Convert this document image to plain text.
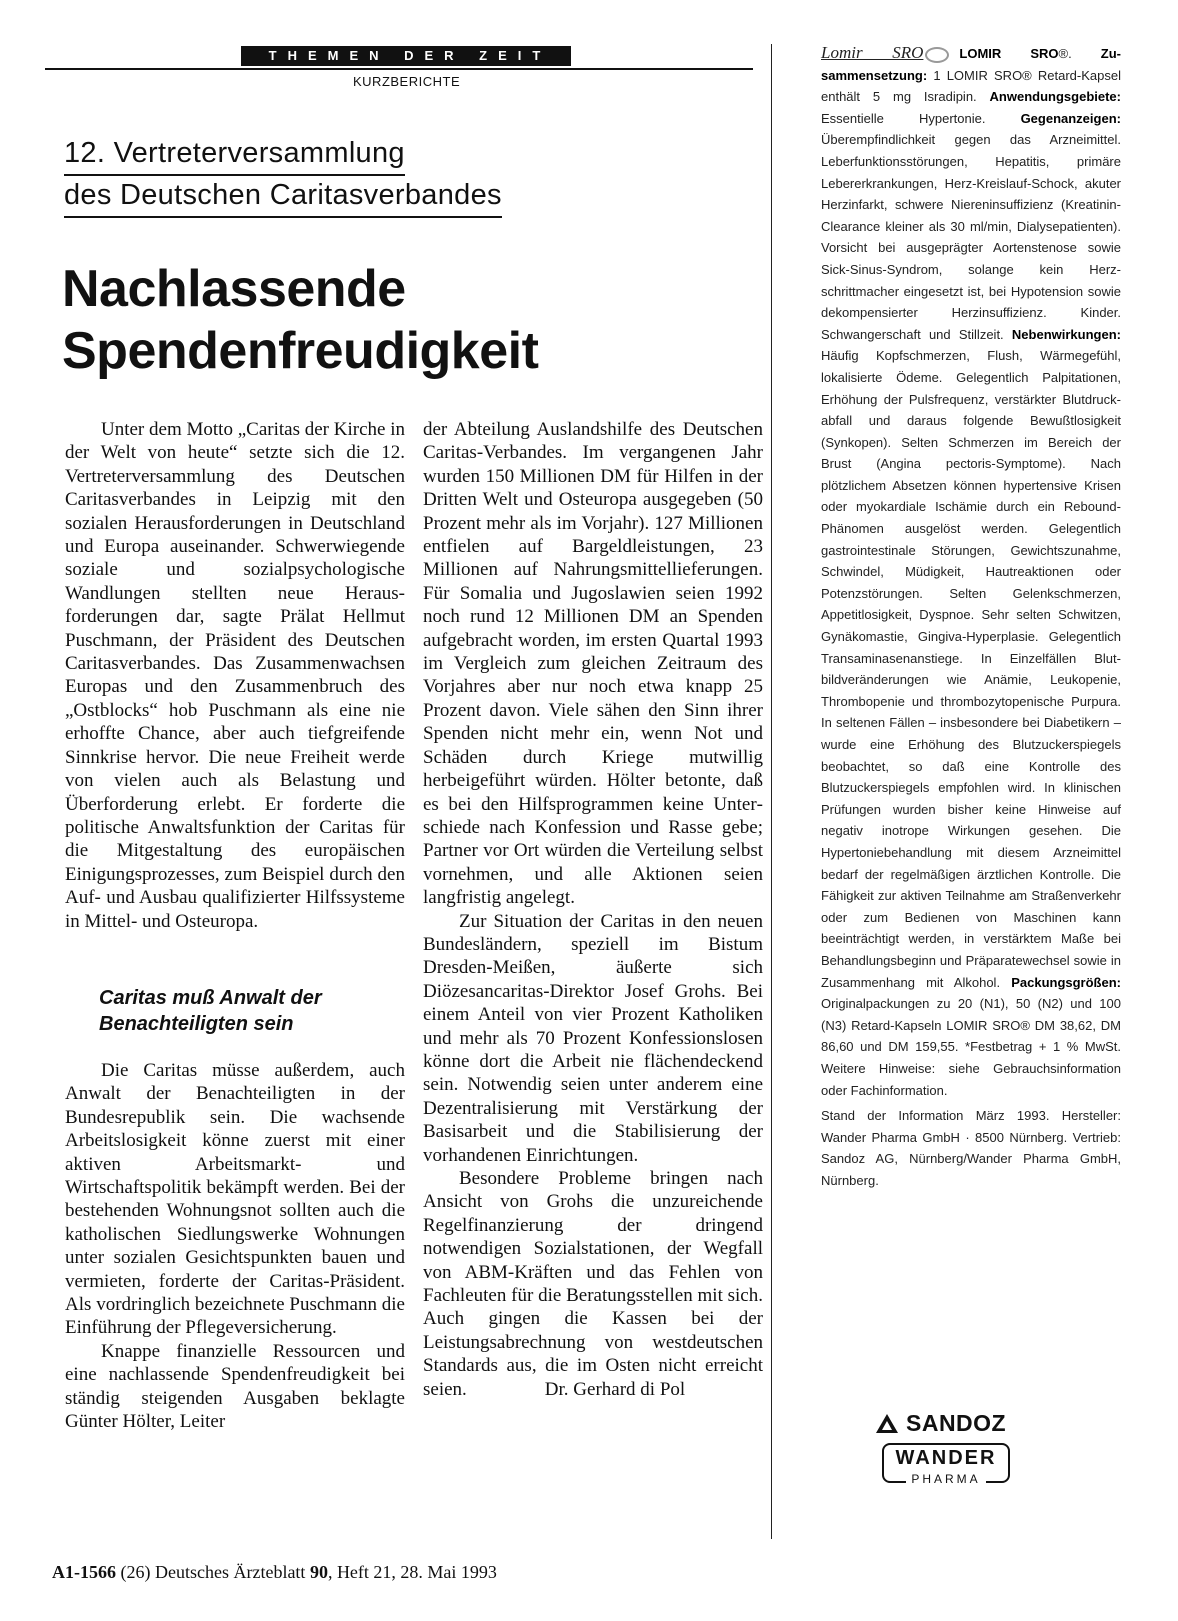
THEMEN DER ZEIT
KURZBERICHTE
12. Vertreterversammlung
des Deutschen Caritasverbandes
Nachlassende
Spendenfreudigkeit

Unter dem Motto „Caritas der Kirche in der Welt von heute“ setzte sich die 12. Vertreterversammlung des Deutschen Caritasverbandes in Leipzig mit den sozialen Herausforderungen in Deutschland und Europa auseinander. Schwerwiegende soziale und sozialpsychologische Wandlungen stellten neue Herausforderungen dar, sagte Prälat Hellmut Puschmann, der Präsident des Deutschen Caritasverbandes. Das Zusammenwachsen Europas und den Zusammenbruch des „Ostblocks“ hob Puschmann als eine nie erhoffte Chance, aber auch tiefgreifende Sinnkrise hervor. Die neue Freiheit werde von vielen auch als Belastung und Überforderung erlebt. Er forderte die politische Anwaltsfunktion der Caritas für die Mitgestaltung des europäischen Einigungsprozesses, zum Beispiel durch den Auf- und Ausbau qualifizierter Hilfssysteme in Mittel- und Osteuropa.

Caritas muß Anwalt der Benachteiligten sein

Die Caritas müsse außerdem, auch Anwalt der Benachteiligten in der Bundesrepublik sein. Die wachsende Arbeitslosigkeit könne zuerst mit einer aktiven Arbeitsmarkt- und Wirtschaftspolitik bekämpft werden. Bei der bestehenden Wohnungsnot sollten auch die katholischen Siedlungswerke Wohnungen unter sozialen Gesichtspunkten bauen und vermieten, forderte der Caritas-Präsident. Als vordringlich bezeichnete Puschmann die Einführung der Pflegeversicherung.

Knappe finanzielle Ressourcen und eine nachlassende Spendenfreudigkeit bei ständig steigenden Ausgaben beklagte Günter Hölter, Leiter

der Abteilung Auslandshilfe des Deutschen Caritas-Verbandes. Im vergangenen Jahr wurden 150 Millionen DM für Hilfen in der Dritten Welt und Osteuropa ausgegeben (50 Prozent mehr als im Vorjahr). 127 Millionen entfielen auf Bargeldleistungen, 23 Millionen auf Nahrungsmittellieferungen. Für Somalia und Jugoslawien seien 1992 noch rund 12 Millionen DM an Spenden aufgebracht worden, im ersten Quartal 1993 im Vergleich zum gleichen Zeitraum des Vorjahres aber nur noch etwa knapp 25 Prozent davon. Viele sähen den Sinn ihrer Spenden nicht mehr ein, wenn Not und Schäden durch Kriege mutwillig herbeigeführt würden. Hölter betonte, daß es bei den Hilfsprogrammen keine Unterschiede nach Konfession und Rasse gebe; Partner vor Ort würden die Verteilung selbst vornehmen, und alle Aktionen seien langfristig angelegt.

Zur Situation der Caritas in den neuen Bundesländern, speziell im Bistum Dresden-Meißen, äußerte sich Diözesancaritas-Direktor Josef Grohs. Bei einem Anteil von vier Prozent Katholiken und mehr als 70 Prozent Konfessionslosen könne dort die Arbeit nie flächendeckend sein. Notwendig seien unter anderem eine Dezentralisierung mit Verstärkung der Basisarbeit und die Stabilisierung der vorhandenen Einrichtungen.

Besondere Probleme bringen nach Ansicht von Grohs die unzureichende Regelfinanzierung der dringend notwendigen Sozialstationen, der Wegfall von ABM-Kräften und das Fehlen von Fachleuten für die Beratungsstellen mit sich. Auch gingen die Kassen bei der Leistungsabrechnung von westdeutschen Standards aus, die im Osten nicht erreicht seien.	Dr. Gerhard di Pol

Lomir SRO	LOMIR SRO®. Zusammensetzung: 1 LOMIR SRO® Retard-Kapsel enthält 5 mg Isradipin. Anwendungsgebiete: Essentielle Hypertonie.	Gegenanzeigen: Überempfindlichkeit gegen das Arzneimittel. Leberfunktionsstörungen, Hepatitis, primäre Lebererkrankungen, Herz-Kreislauf-Schock, akuter Herzinfarkt, schwere Niereninsuffizienz (Kreatinin-Clearance kleiner als 30 ml/min, Dialysepatienten). Vorsicht bei ausgeprägter Aortenstenose sowie Sick-Sinus-Syndrom, solange kein Herzschrittmacher eingesetzt ist, bei Hypotension sowie dekompensierter Herzinsuffizienz. Kinder. Schwangerschaft und Stillzeit. Nebenwirkungen: Häufig Kopfschmerzen, Flush, Wärmegefühl, lokalisierte Ödeme. Gelegentlich Palpitationen, Erhöhung der Pulsfrequenz, verstärkter Blutdruckabfall und daraus folgende Bewußtlosigkeit (Synkopen). Selten Schmerzen im Bereich der Brust (Angina pectoris-Symptome). Nach plötzlichem Absetzen können hypertensive Krisen oder myokardiale Ischämie durch ein Rebound-Phänomen ausgelöst werden. Gelegentlich gastrointestinale Störungen, Gewichtszunahme, Schwindel, Müdigkeit, Hautreaktionen oder Potenzstörungen. Selten Gelenkschmerzen, Appetitlosigkeit, Dyspnoe. Sehr selten Schwitzen, Gynäkomastie, Gingiva-Hyperplasie. Gelegentlich Transaminasenanstiege. In Einzelfällen Blutbildveränderungen wie Anämie, Leukopenie, Thrombopenie und thrombozytopenische Purpura. In seltenen Fällen – insbesondere bei Diabetikern – wurde eine Erhöhung des Blutzuckerspiegels beobachtet, so daß eine Kontrolle des Blutzuckerspiegels empfohlen wird. In klinischen Prüfungen wurden bisher keine Hinweise auf negativ inotrope Wirkungen gesehen. Die Hypertoniebehandlung mit diesem Arzneimittel bedarf der regelmäßigen ärztlichen Kontrolle. Die Fähigkeit zur aktiven Teilnahme am Straßenverkehr oder zum Bedienen von Maschinen kann beeinträchtigt werden, in verstärktem Maße bei Behandlungsbeginn und Präparatewechsel sowie in Zusammenhang mit Alkohol. Packungsgrößen: Originalpackungen zu 20 (N1), 50 (N2) und 100 (N3) Retard-Kapseln LOMIR SRO® DM 38,62, DM 86,60 und DM 159,55. *Festbetrag + 1 % MwSt. Weitere Hinweise: siehe Gebrauchsinformation oder Fachinformation.

Stand der Information März 1993. Hersteller: Wander Pharma GmbH · 8500 Nürnberg. Vertrieb: Sandoz AG, Nürnberg/Wander Pharma GmbH, Nürnberg.

SANDOZ
WANDER
PHARMA
A1-1566 (26) Deutsches Ärzteblatt 90, Heft 21, 28. Mai 1993
